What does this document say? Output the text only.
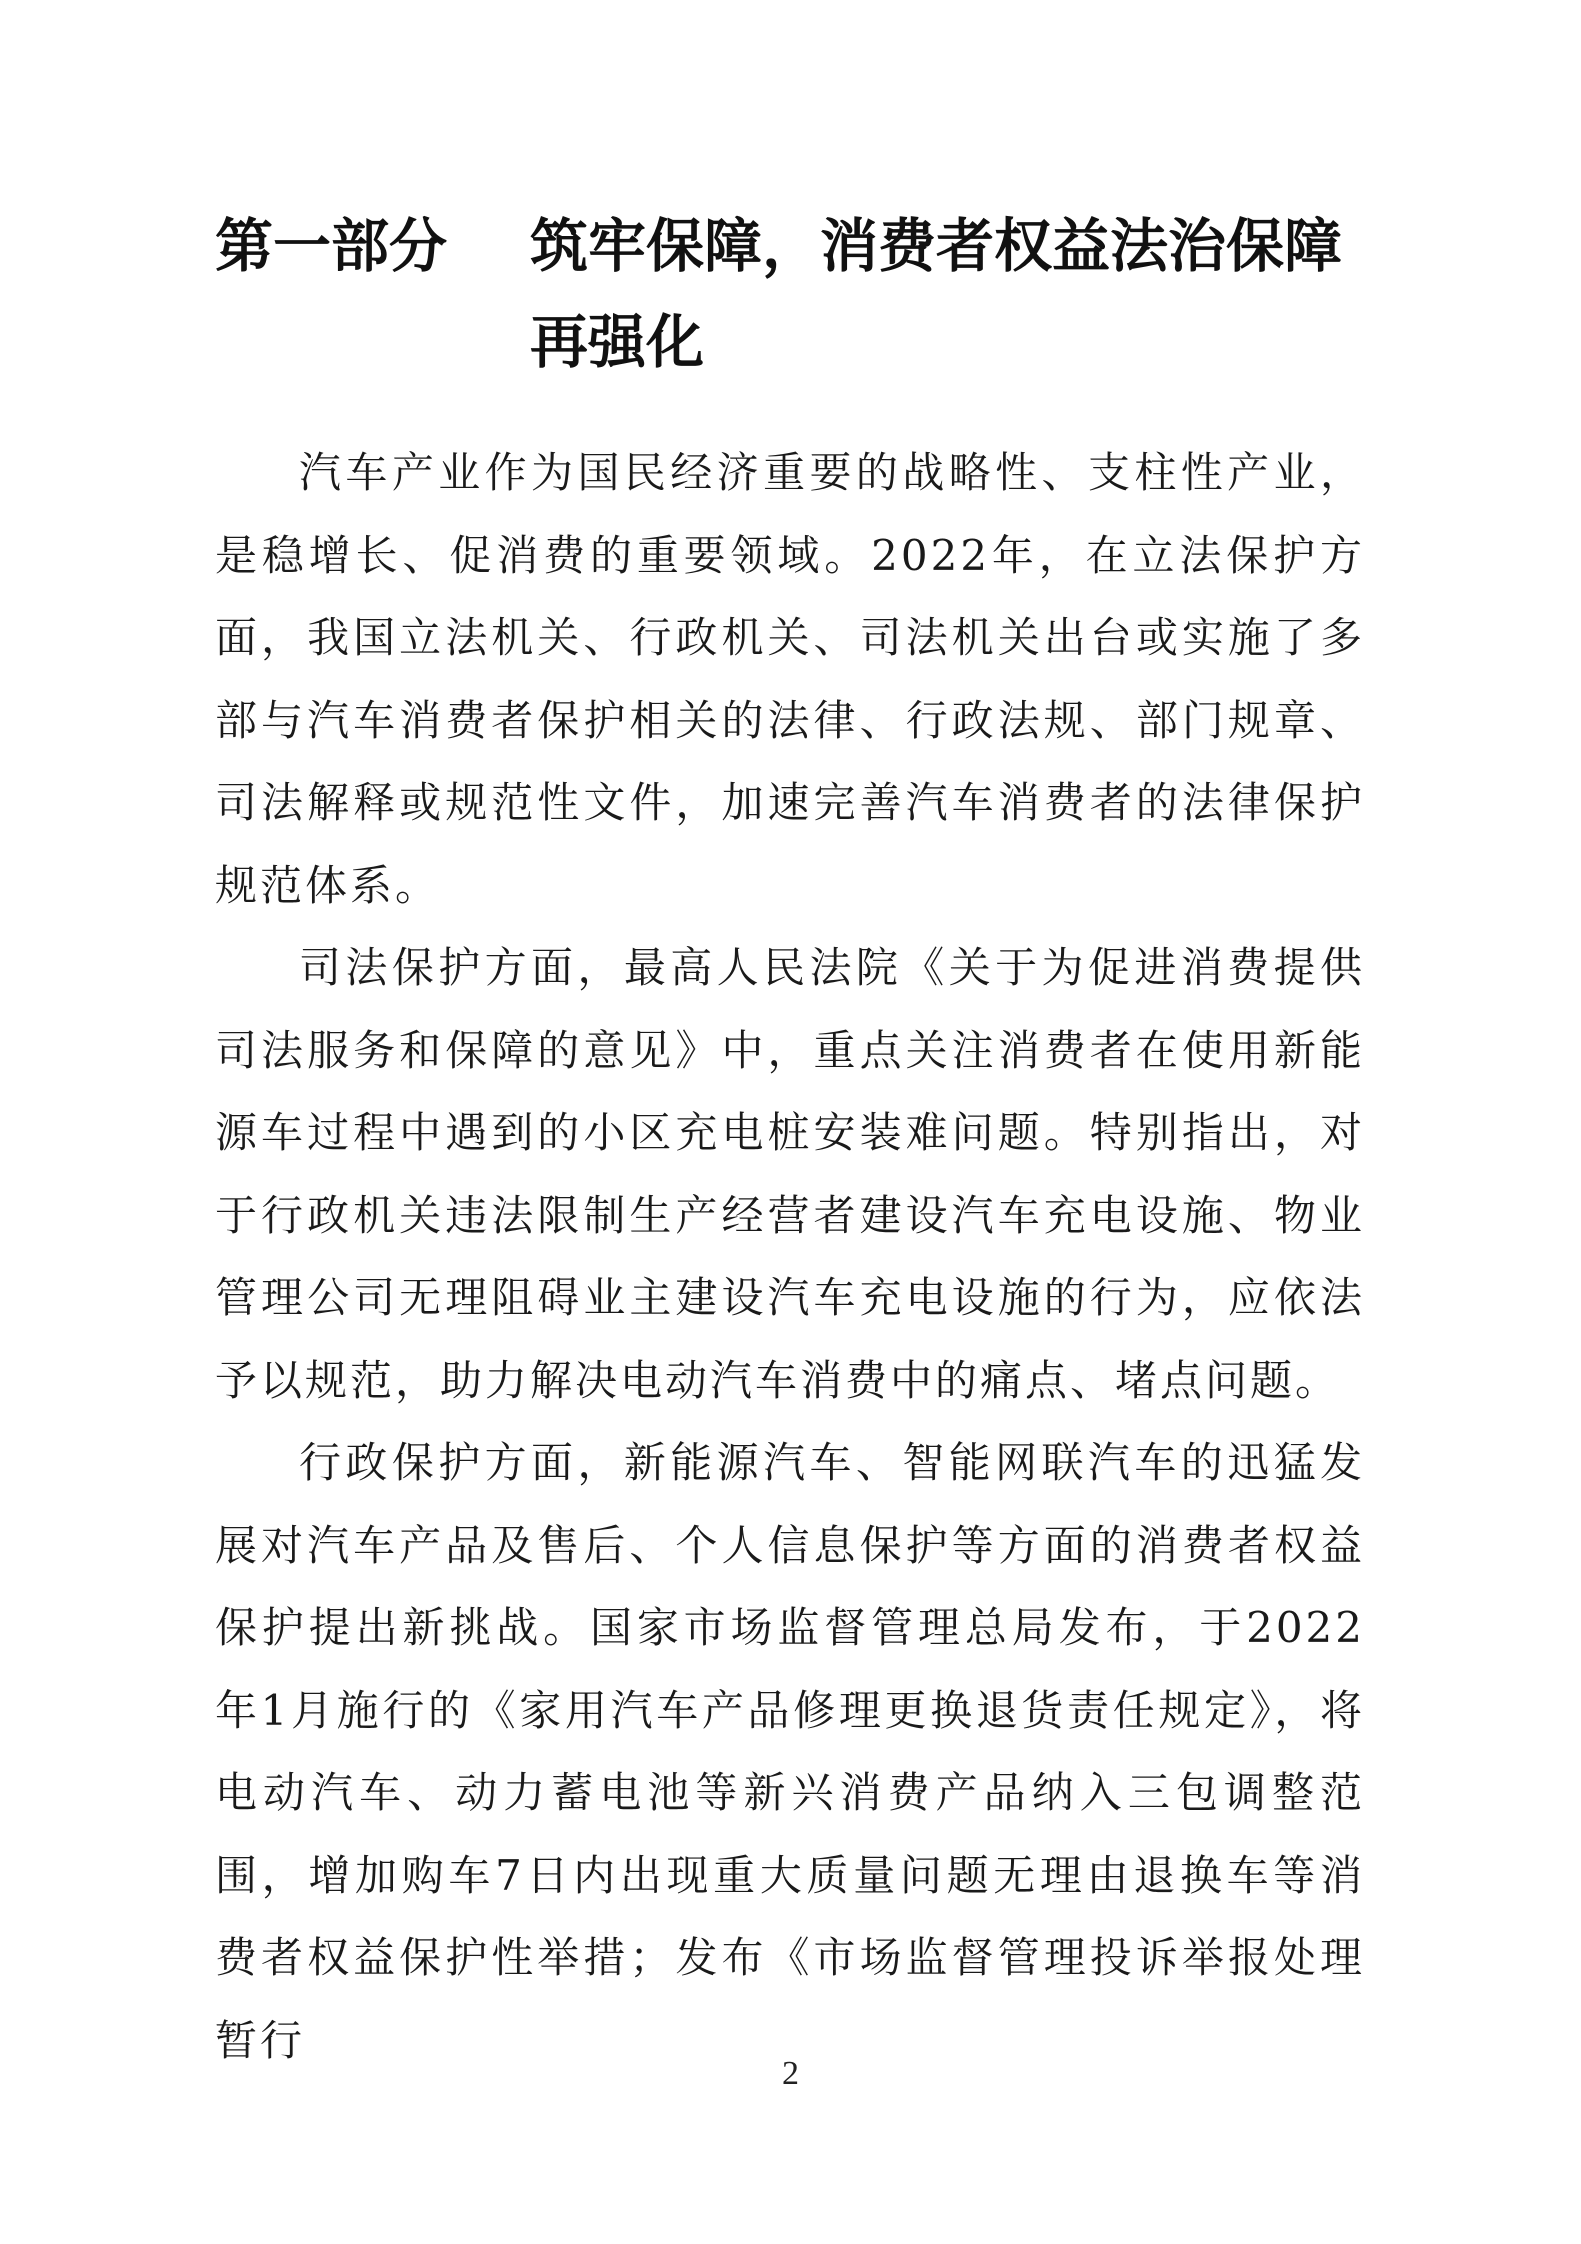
第一部分	筑牢保障，消费者权益法治保障再强化

汽车产业作为国民经济重要的战略性、支柱性产业，是稳增长、促消费的重要领域。2022年，在立法保护方面，我国立法机关、行政机关、司法机关出台或实施了多部与汽车消费者保护相关的法律、行政法规、部门规章、司法解释或规范性文件，加速完善汽车消费者的法律保护规范体系。

司法保护方面，最高人民法院《关于为促进消费提供司法服务和保障的意见》中，重点关注消费者在使用新能源车过程中遇到的小区充电桩安装难问题。特别指出，对于行政机关违法限制生产经营者建设汽车充电设施、物业管理公司无理阻碍业主建设汽车充电设施的行为，应依法予以规范，助力解决电动汽车消费中的痛点、堵点问题。

行政保护方面，新能源汽车、智能网联汽车的迅猛发展对汽车产品及售后、个人信息保护等方面的消费者权益保护提出新挑战。国家市场监督管理总局发布，于2022年1月施行的《家用汽车产品修理更换退货责任规定》，将电动汽车、动力蓄电池等新兴消费产品纳入三包调整范围，增加购车7日内出现重大质量问题无理由退换车等消费者权益保护性举措；发布《市场监督管理投诉举报处理暂行

2
